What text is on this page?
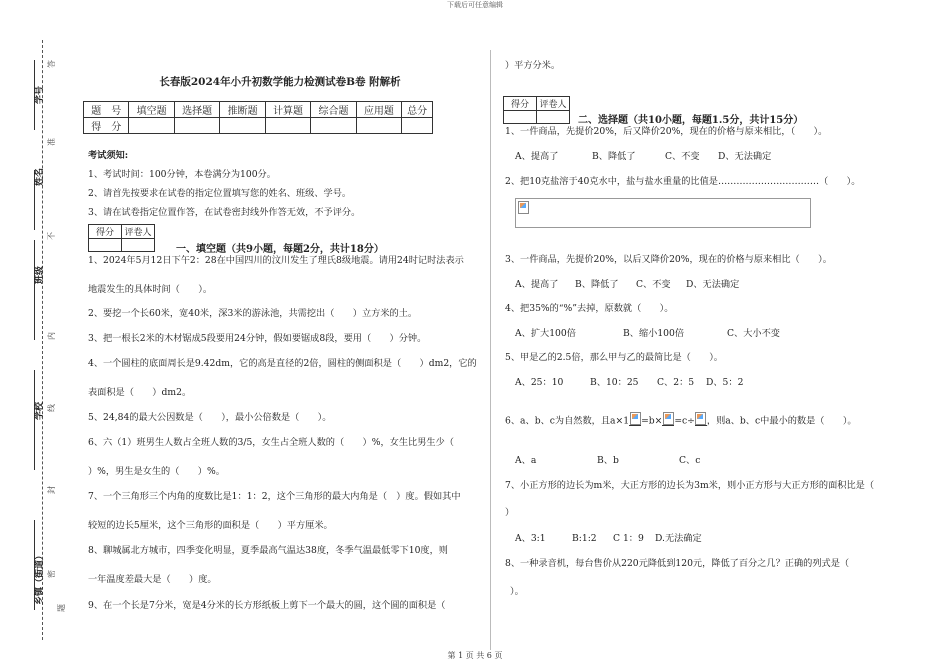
下载后可任意编辑
第 1 页 共 6 页
学号
姓名
班级
学校
乡镇（街道）
答
准
不
内
线
封
密
题
长春版2024年小升初数学能力检测试卷B卷 附解析
题　号	填空题	选择题	推断题	计算题	综合题	应用题	总分
得　分							
考试须知:
1、考试时间：100分钟，本卷满分为100分。
2、请首先按要求在试卷的指定位置填写您的姓名、班级、学号。
3、请在试卷指定位置作答，在试卷密封线外作答无效，不予评分。
得分	评卷人

一、填空题（共9小题，每题2分，共计18分）
1、2024年5月12日下午2：28在中国四川的汶川发生了理氏8级地震。请用24时记时法表示
地震发生的具体时间（　　）。
2、要挖一个长60米，宽40米，深3米的游泳池，共需挖出（　　）立方米的土。
3、把一根长2米的木材锯成5段要用24分钟，假如要锯成8段，要用（　　）分钟。
4、一个圆柱的底面周长是9.42dm，它的高是直径的2倍，圆柱的侧面积是（　　）dm2，它的
表面积是（　　）dm2。
5、24,84的最大公因数是（　　），最小公倍数是（　　）。
6、六（1）班男生人数占全班人数的3/5，女生占全班人数的（　　）%，女生比男生少（
）%，男生是女生的（　　）%。
7、一个三角形三个内角的度数比是1：1：2，这个三角形的最大内角是（　）度。假如其中
较短的边长5厘米，这个三角形的面积是（　　）平方厘米。
8、聊城属北方城市，四季变化明显，夏季最高气温达38度，冬季气温最低零下10度，则
一年温度差最大是（　　）度。
9、在一个长是7分米，宽是4分米的长方形纸板上剪下一个最大的圆，这个圆的面积是（
）平方分米。
得分	评卷人

二、选择题（共10小题，每题1.5分，共计15分）
1、一件商品，先提价20%，后又降价20%，现在的价格与原来相比，（　　）。
A、提高了	B、降低了	C、不变 D、无法确定
2、把10克盐溶于40克水中，盐与盐水重量的比值是……………………………（　　）。
3、一件商品，先提价20%，以后又降价20%，现在的价格与原来相比（　　）。
A、提高了 B、降低了 C、不变 D、无法确定
4、把35%的“%”去掉，原数就（　　）。
A、扩大100倍	B、缩小100倍	C、大小不变
5、甲是乙的2.5倍，那么甲与乙的最简比是（　　）。
A、25：10	B、10：25 C、2：5 D、5：2
6、a、b、c为自然数，且a×1 =b× =c÷ ，则a、b、c中最小的数是（　　）。
A、a	B、b	C、c
7、小正方形的边长为m米，大正方形的边长为3m米，则小正方形与大正方形的面积比是（
）
A、3:1	B:1:2 C 1：9 D.无法确定
8、一种录音机，每台售价从220元降低到120元，降低了百分之几？正确的列式是（
）。
